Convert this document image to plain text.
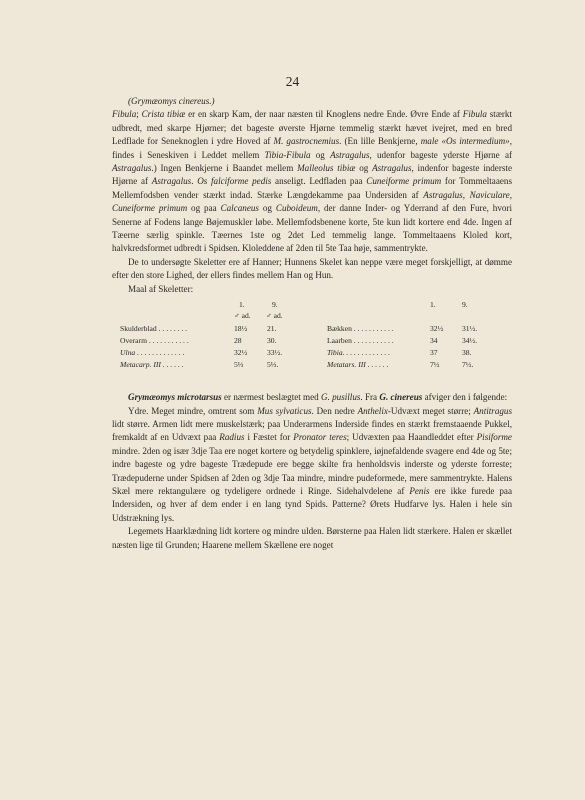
24

(Grymæomys cinereus.)

Fibula; Crista tibiæ er en skarp Kam, der naar næsten til Knoglens nedre Ende. Øvre Ende af Fibula stærkt udbredt, med skarpe Hjørner; det bageste øverste Hjørne temmelig stærkt hævet ivejret, med en bred Ledflade for Seneknoglen i ydre Hoved af M. gastrocnemius. (En lille Benkjerne, male «Os intermedium», findes i Seneskiven i Leddet mellem Tibia-Fibula og Astragalus, udenfor bageste yderste Hjørne af Astragalus.) Ingen Benkjerne i Baandet mellem Malleolus tibiæ og Astragalus, indenfor bageste inderste Hjørne af Astragalus. Os falciforme pedis anseligt. Ledfladen paa Cuneiforme primum for Tommeltaaens Mellemfodsben vender stærkt indad. Stærke Længdekamme paa Undersiden af Astragalus, Naviculare, Cuneiforme primum og paa Calcaneus og Cuboideum, der danne Inder- og Yderrand af den Fure, hvori Senerne af Fodens lange Bøjemuskler løbe. Mellemfodsbenene korte, 5te kun lidt kortere end 4de. Ingen af Tæerne særlig spinkle. Tæernes 1ste og 2det Led temmelig lange. Tommeltaaens Kloled kort, halvkredsformet udbredt i Spidsen. Kloleddene af 2den til 5te Taa høje, sammentrykte.

De to undersøgte Skeletter ere af Hanner; Hunnens Skelet kan neppe være meget forskjelligt, at dømme efter den store Lighed, der ellers findes mellem Han og Hun.

Maal af Skeletter:

1.	9.
♂ ad. ♂ ad.
1.	9.
Skulderblad . . . . . . . .	18½	21.	Bækken . . . . . . . . . . .	32½ 31½.
Overarm . . . . . . . . . . .	28	30.	Laarben . . . . . . . . . . .	34	34½.
Ulna . . . . . . . . . . . . .	32½	33½.	Tibia. . . . . . . . . . . . .	37	38.
Metacarp. III . . . . . .	5⅓	5⅓.	Metatars. III . . . . . .	7½	7½.

Grymæomys microtarsus er nærmest beslægtet med G. pusillus. Fra G. cinereus afviger den i følgende:

Ydre. Meget mindre, omtrent som Mus sylvaticus. Den nedre Anthelix-Udvæxt meget større; Antitragus lidt større. Armen lidt mere muskelstærk; paa Underarmens Inderside findes en stærkt fremstaaende Pukkel, fremkaldt af en Udvæxt paa Radius i Fæstet for Pronator teres; Udvæxten paa Haandleddet efter Pisiforme mindre. 2den og især 3dje Taa ere noget kortere og betydelig spinklere, iøjnefaldende svagere end 4de og 5te; indre bageste og ydre bageste Trædepude ere begge skilte fra henholdsvis inderste og yderste forreste; Trædepuderne under Spidsen af 2den og 3dje Taa mindre, mindre pudeformede, mere sammentrykte. Halens Skæl mere rektangulære og tydeligere ordnede i Ringe. Sidehalvdelene af Penis ere ikke furede paa Indersiden, og hver af dem ender i en lang tynd Spids. Patterne? Ørets Hudfarve lys. Halen i hele sin Udstrækning lys.

Legemets Haarklædning lidt kortere og mindre ulden. Børsterne paa Halen lidt stærkere. Halen er skællet næsten lige til Grunden; Haarene mellem Skællene ere noget
